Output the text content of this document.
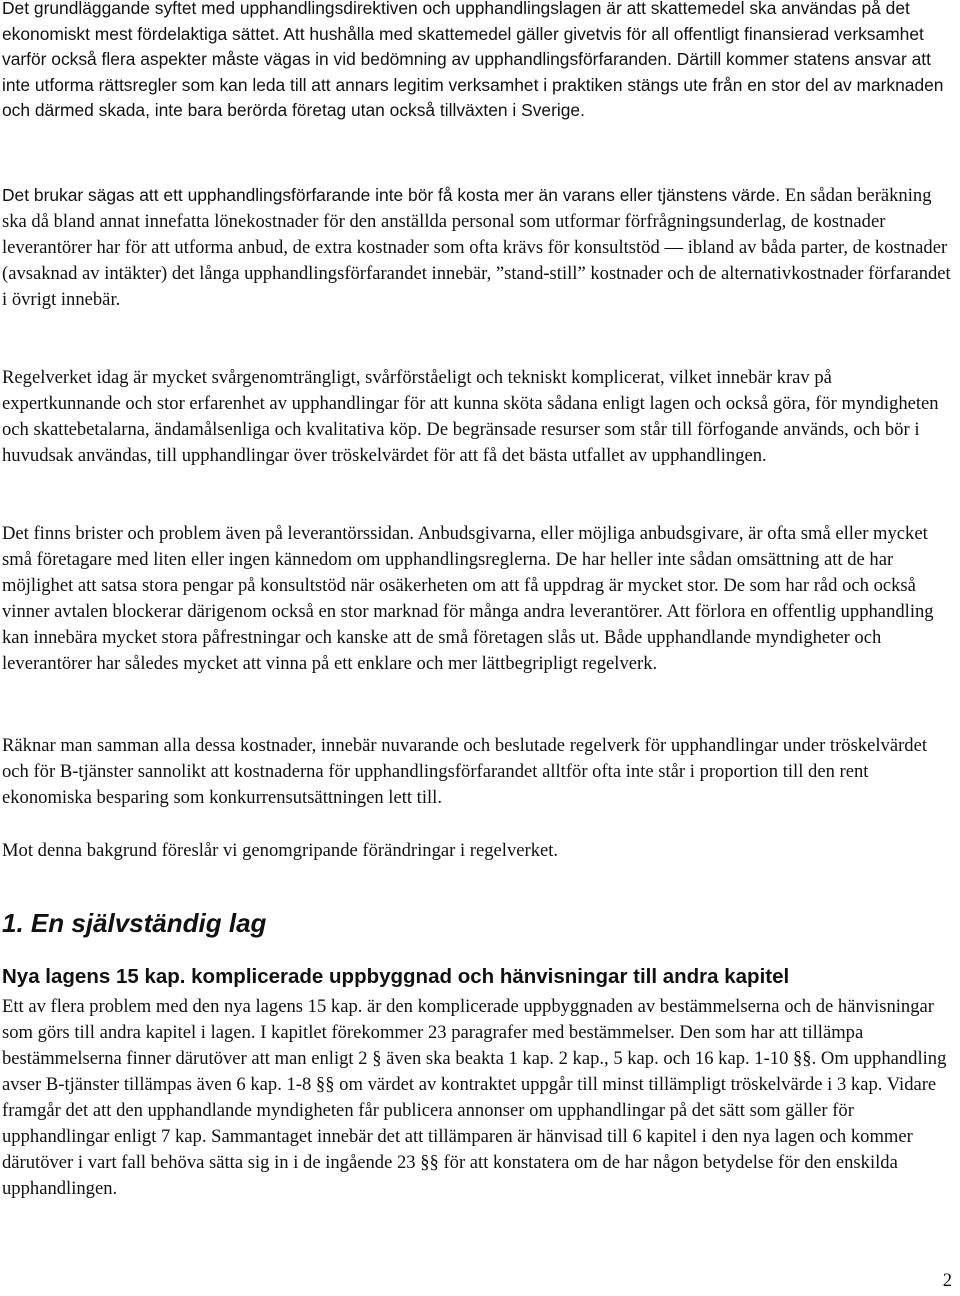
Det grundläggande syftet med upphandlingsdirektiven och upphandlingslagen är att skattemedel ska användas på det ekonomiskt mest fördelaktiga sättet. Att hushålla med skattemedel gäller givetvis för all offentligt finansierad verksamhet varför också flera aspekter måste vägas in vid bedömning av upphandlingsförfaranden. Därtill kommer statens ansvar att inte utforma rättsregler som kan leda till att annars legitim verksamhet i praktiken stängs ute från en stor del av marknaden och därmed skada, inte bara berörda företag utan också tillväxten i Sverige.

Det brukar sägas att ett upphandlingsförfarande inte bör få kosta mer än varans eller tjänstens värde. En sådan beräkning ska då bland annat innefatta lönekostnader för den anställda personal som utformar förfrågningsunderlag, de kostnader leverantörer har för att utforma anbud, de extra kostnader som ofta krävs för konsultstöd — ibland av båda parter, de kostnader (avsaknad av intäkter) det långa upphandlingsförfarandet innebär, ”stand-still” kostnader och de alternativkostnader förfarandet i övrigt innebär.

Regelverket idag är mycket svårgenomträngligt, svårförståeligt och tekniskt komplicerat, vilket innebär krav på expertkunnande och stor erfarenhet av upphandlingar för att kunna sköta sådana enligt lagen och också göra, för myndigheten och skattebetalarna, ändamålsenliga och kvalitativa köp. De begränsade resurser som står till förfogande används, och bör i huvudsak användas, till upphandlingar över tröskelvärdet för att få det bästa utfallet av upphandlingen.

Det finns brister och problem även på leverantörssidan. Anbudsgivarna, eller möjliga anbudsgivare, är ofta små eller mycket små företagare med liten eller ingen kännedom om upphandlingsreglerna. De har heller inte sådan omsättning att de har möjlighet att satsa stora pengar på konsultstöd när osäkerheten om att få uppdrag är mycket stor. De som har råd och också vinner avtalen blockerar därigenom också en stor marknad för många andra leverantörer. Att förlora en offentlig upphandling kan innebära mycket stora påfrestningar och kanske att de små företagen slås ut. Både upphandlande myndigheter och leverantörer har således mycket att vinna på ett enklare och mer lättbegripligt regelverk.

Räknar man samman alla dessa kostnader, innebär nuvarande och beslutade regelverk för upphandlingar under tröskelvärdet och för B-tjänster sannolikt att kostnaderna för upphandlingsförfarandet alltför ofta inte står i proportion till den rent ekonomiska besparing som konkurrensutsättningen lett till.

Mot denna bakgrund föreslår vi genomgripande förändringar i regelverket.

1. En självständig lag
Nya lagens 15 kap. komplicerade uppbyggnad och hänvisningar till andra kapitel

Ett av flera problem med den nya lagens 15 kap. är den komplicerade uppbyggnaden av bestämmelserna och de hänvisningar som görs till andra kapitel i lagen. I kapitlet förekommer 23 paragrafer med bestämmelser. Den som har att tillämpa bestämmelserna finner därutöver att man enligt 2 § även ska beakta 1 kap. 2 kap., 5 kap. och 16 kap. 1-10 §§. Om upphandling avser B-tjänster tillämpas även 6 kap. 1-8 §§ om värdet av kontraktet uppgår till minst tillämpligt tröskelvärde i 3 kap. Vidare framgår det att den upphandlande myndigheten får publicera annonser om upphandlingar på det sätt som gäller för upphandlingar enligt 7 kap. Sammantaget innebär det att tillämparen är hänvisad till 6 kapitel i den nya lagen och kommer därutöver i vart fall behöva sätta sig in i de ingående 23 §§ för att konstatera om de har någon betydelse för den enskilda upphandlingen.

2
